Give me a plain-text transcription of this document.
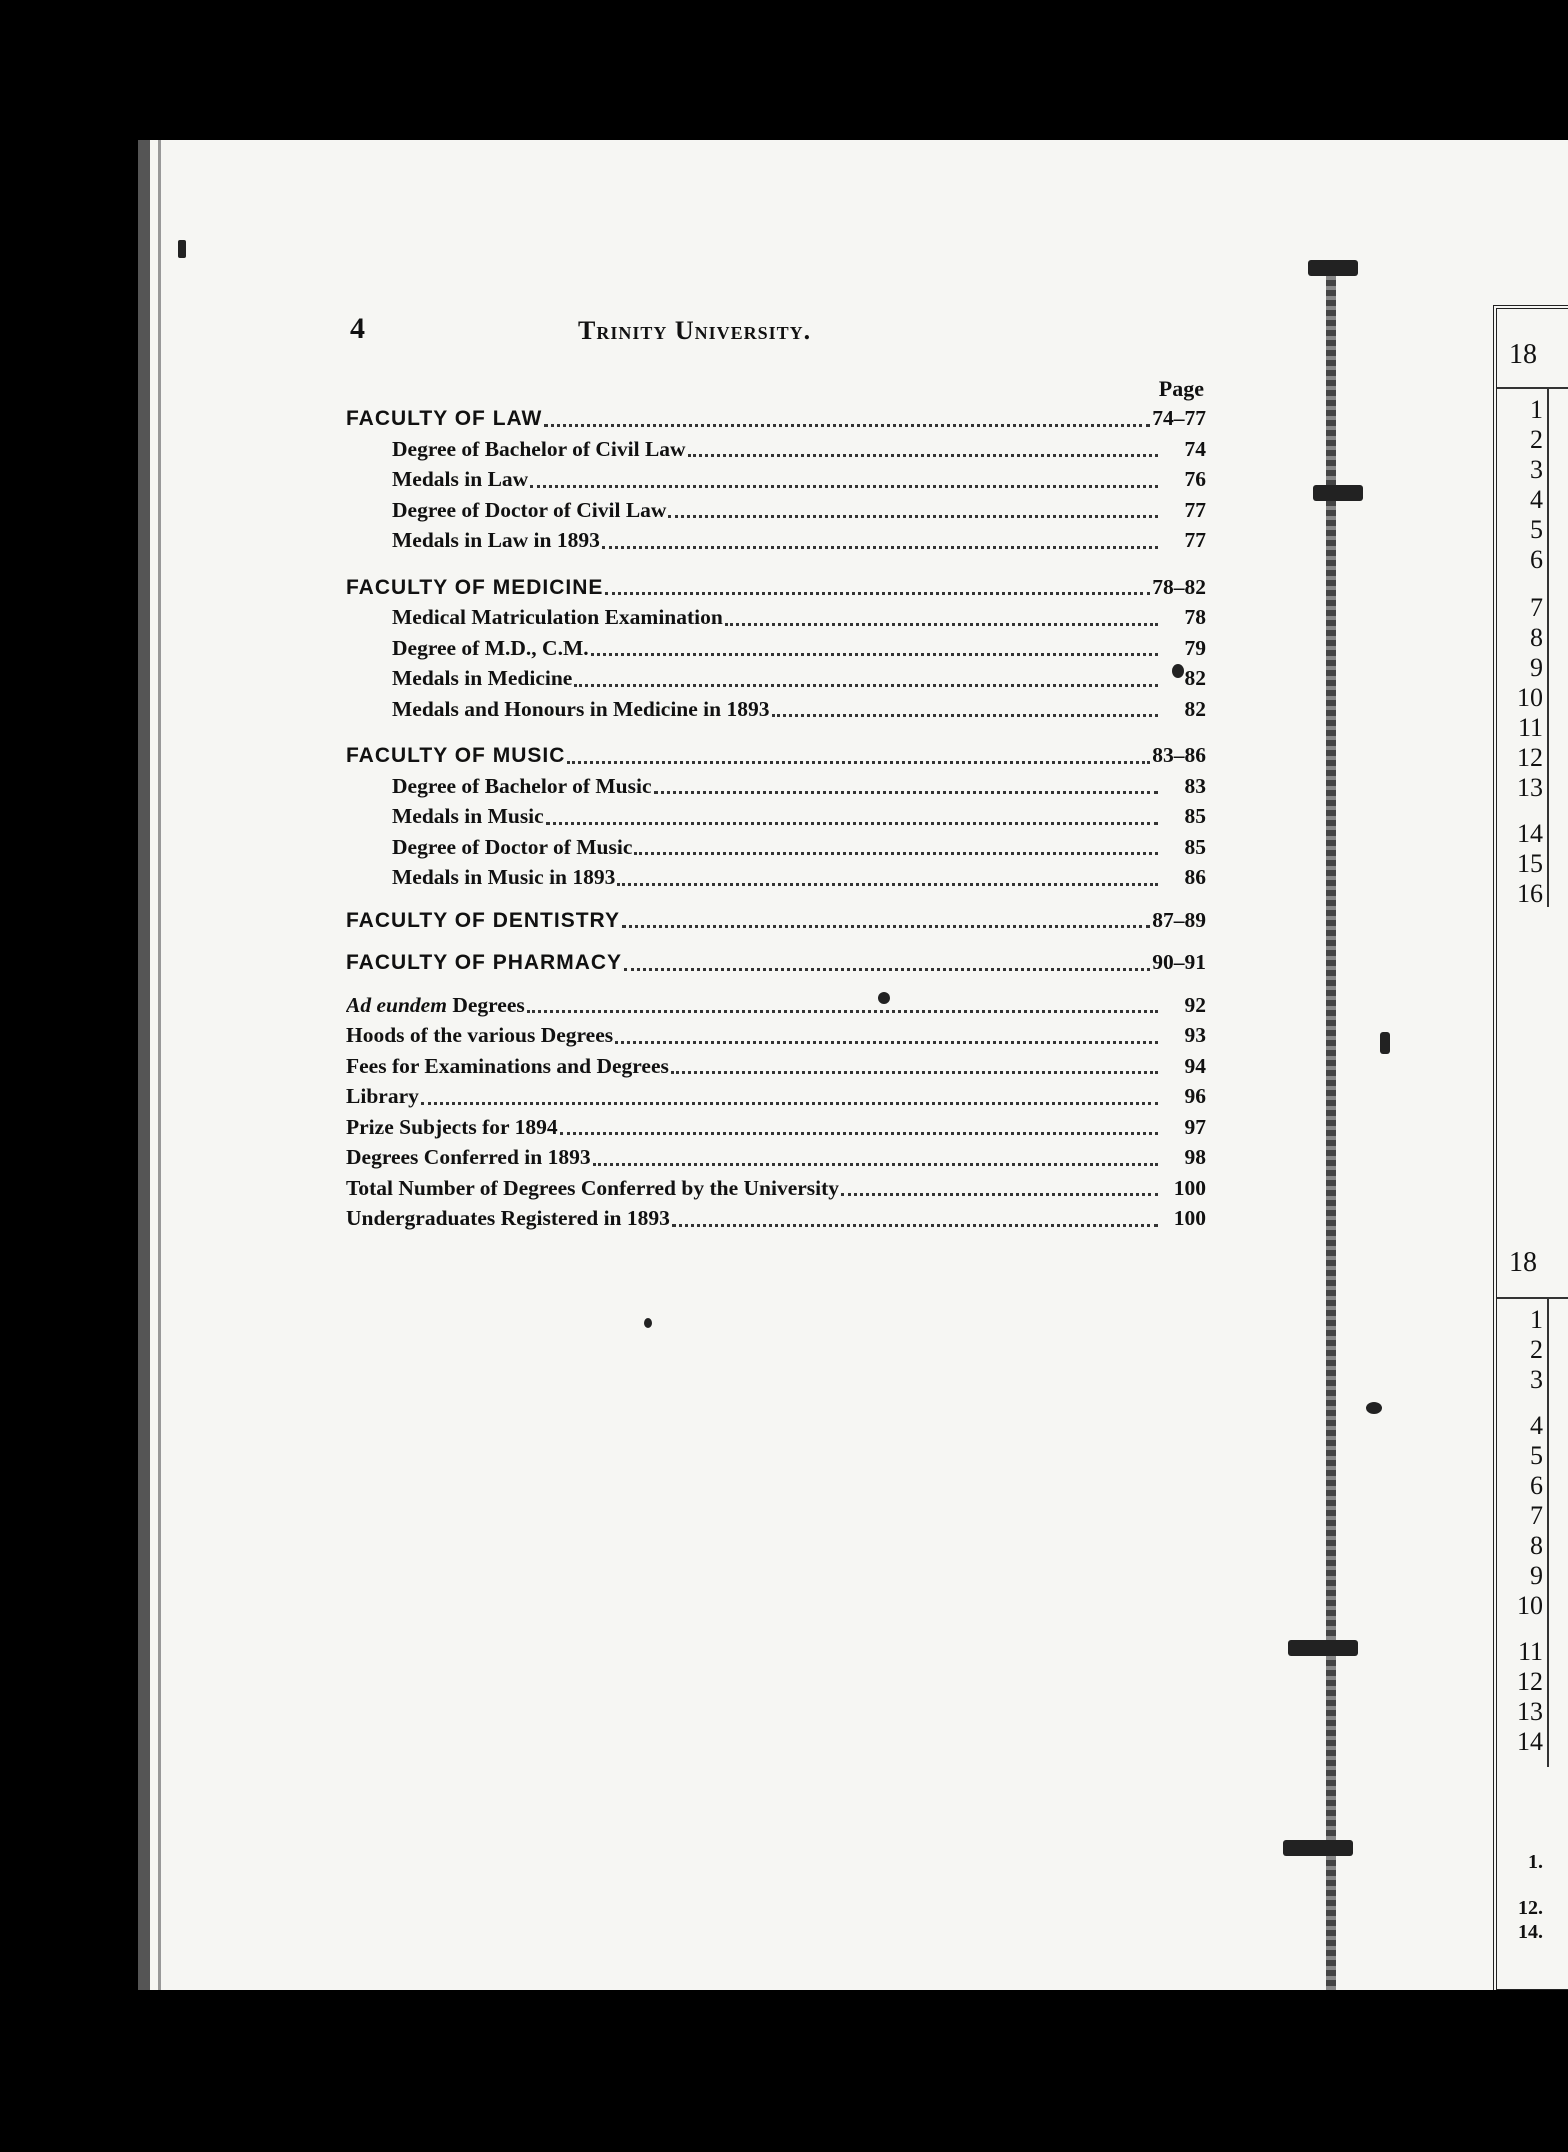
4	Trinity University.
Page
FACULTY OF LAW	74–77
Degree of Bachelor of Civil Law	74
Medals in Law	76
Degree of Doctor of Civil Law	77
Medals in Law in 1893	77
FACULTY OF MEDICINE	78–82
Medical Matriculation Examination	78
Degree of M.D., C.M.	79
Medals in Medicine	82
Medals and Honours in Medicine in 1893	82
FACULTY OF MUSIC	83–86
Degree of Bachelor of Music	83
Medals in Music	85
Degree of Doctor of Music	85
Medals in Music in 1893	86
FACULTY OF DENTISTRY	87–89
FACULTY OF PHARMACY	90–91
Ad eundem Degrees	92
Hoods of the various Degrees	93
Fees for Examinations and Degrees	94
Library	96
Prize Subjects for 1894	97
Degrees Conferred in 1893	98
Total Number of Degrees Conferred by the University	100
Undergraduates Registered in 1893	100
18
18
1
2
3
4
5
6
7
8
9
10
11
12
13
14
15
16
1
2
3
4
5
6
7
8
9
10
11
12
13
14
1.
12.
14.
